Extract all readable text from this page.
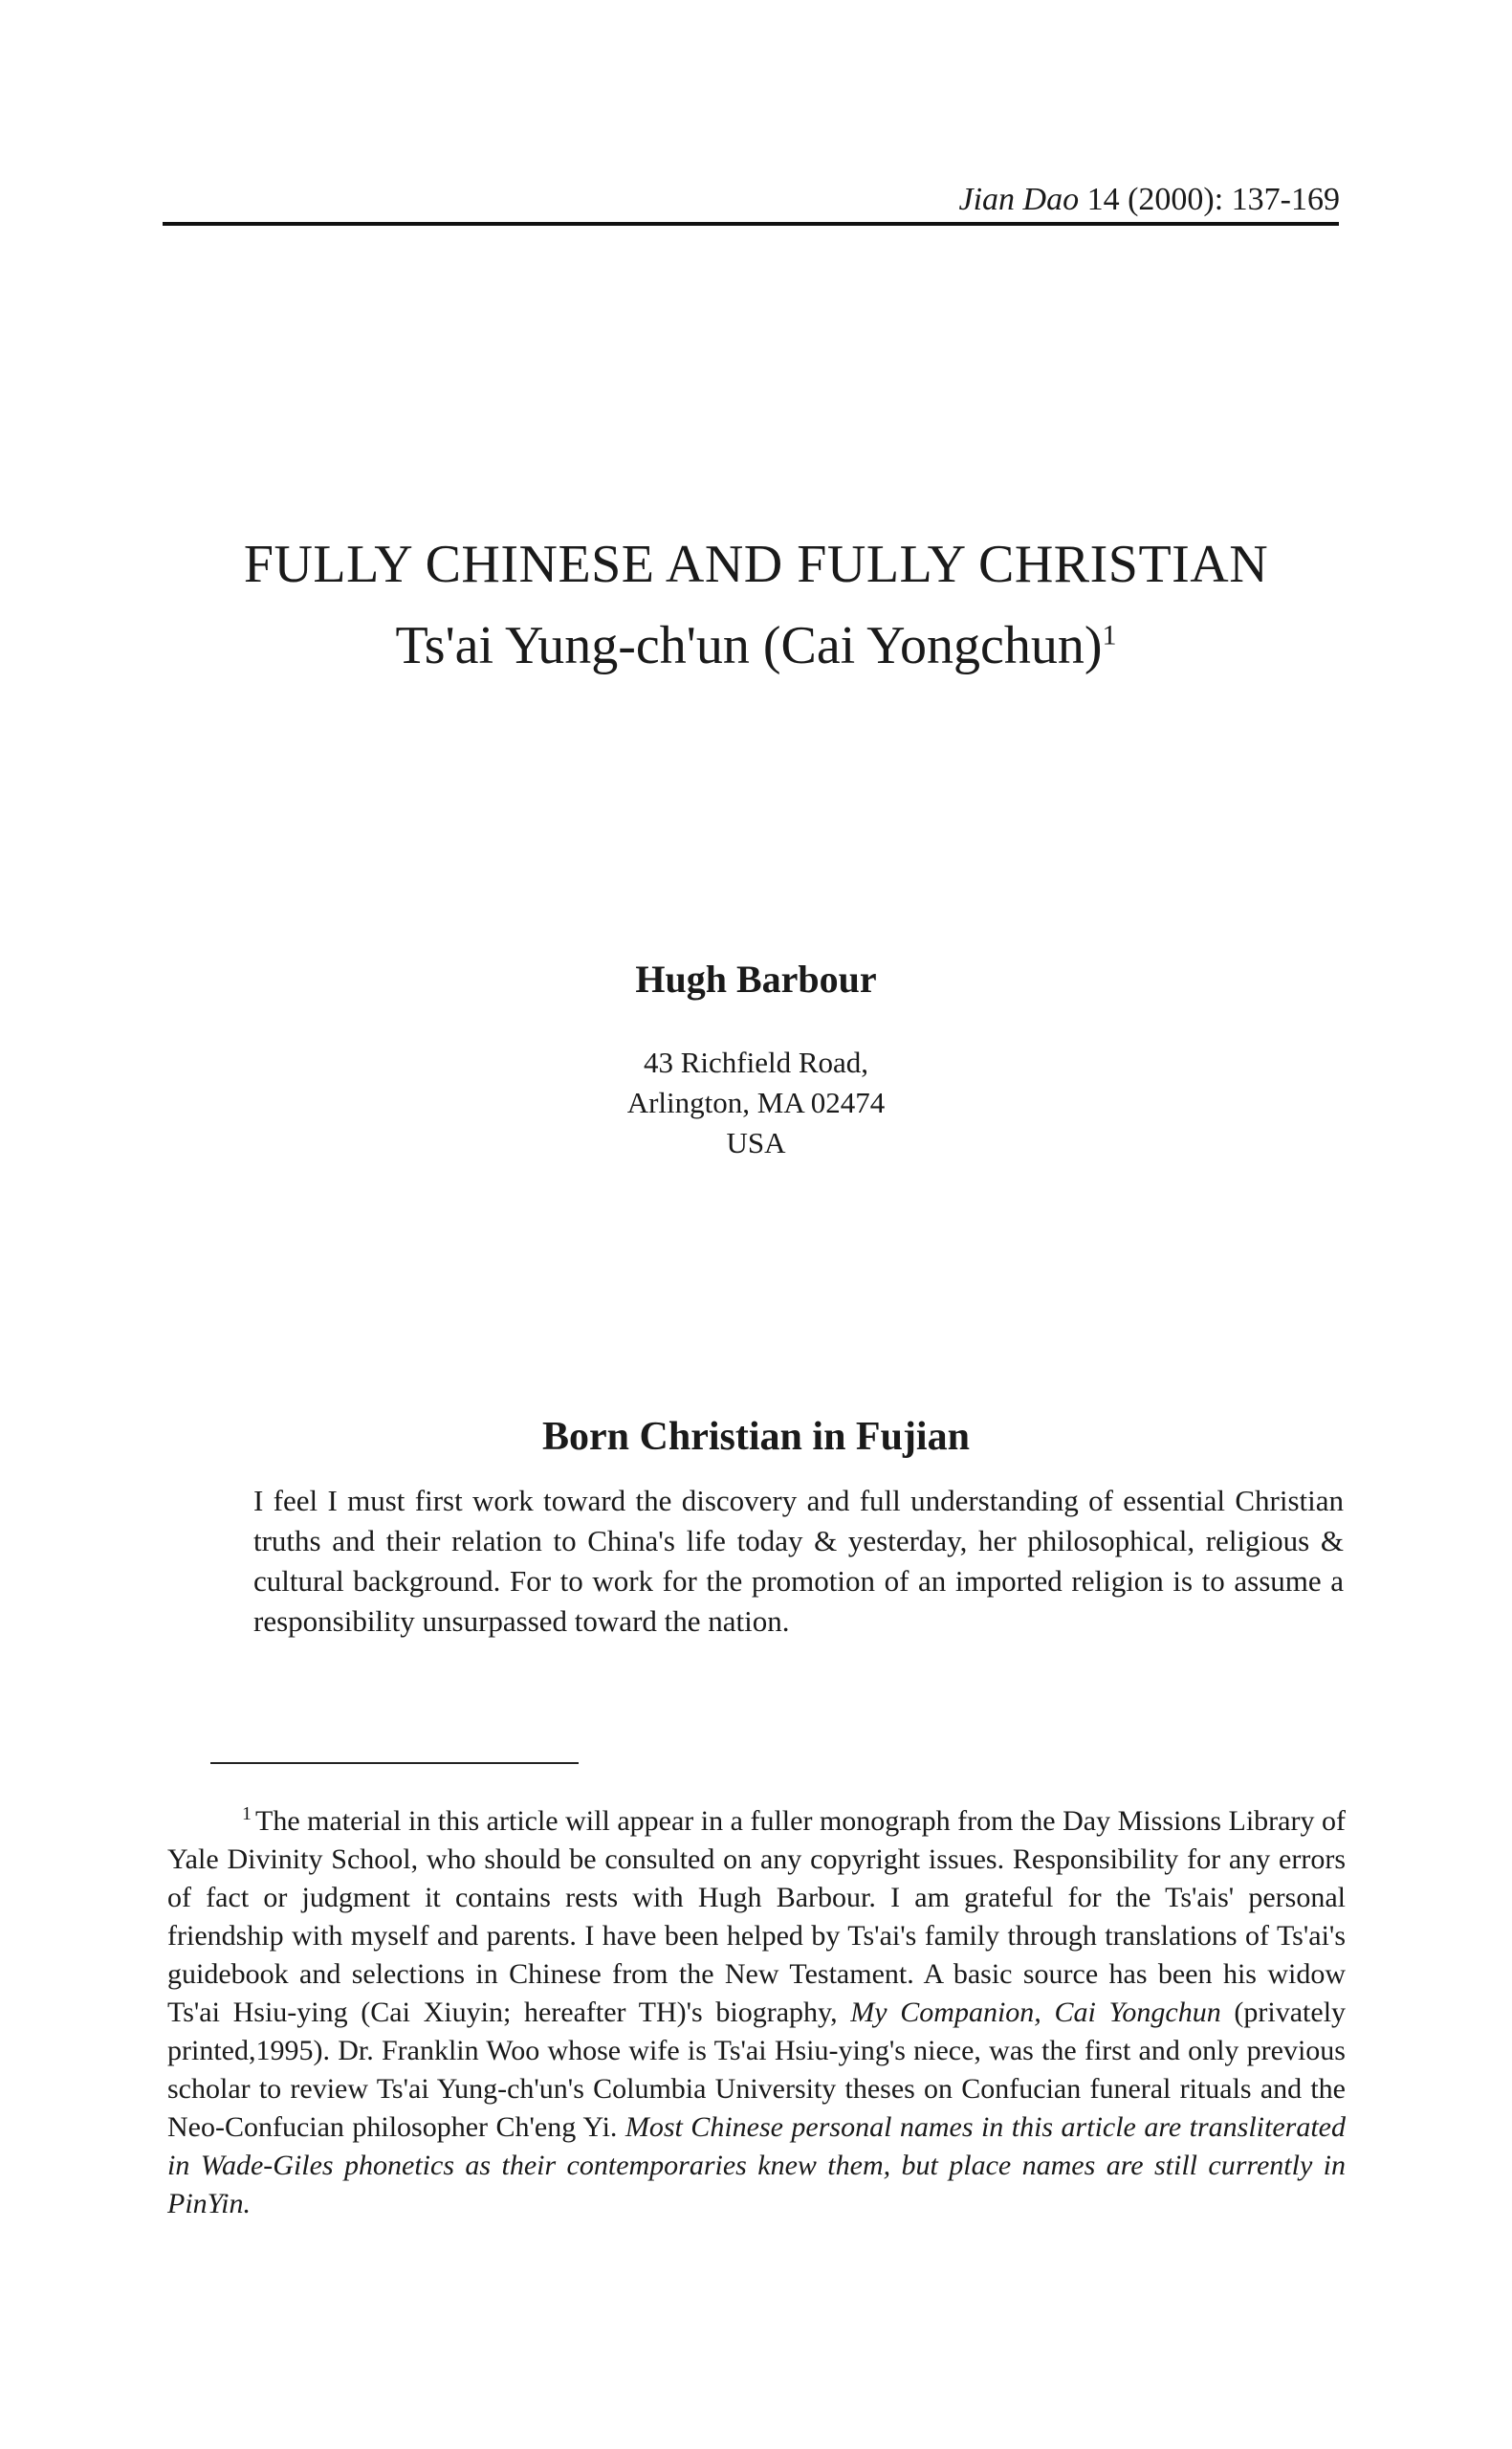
Jian Dao 14 (2000): 137-169
FULLY CHINESE AND FULLY CHRISTIAN
Ts'ai Yung-ch'un (Cai Yongchun)$^1$
Hugh Barbour
43 Richfield Road,
Arlington, MA 02474
USA
Born Christian in Fujian
I feel I must first work toward the discovery and full understanding of essential Christian truths and their relation to China's life today & yesterday, her philosophical, religious & cultural background. For to work for the promotion of an imported religion is to assume a responsibility unsurpassed toward the nation.
$^1$ The material in this article will appear in a fuller monograph from the Day Missions Library of Yale Divinity School, who should be consulted on any copyright issues. Responsibility for any errors of fact or judgment it contains rests with Hugh Barbour. I am grateful for the Ts'ais' personal friendship with myself and parents. I have been helped by Ts'ai's family through translations of Ts'ai's guidebook and selections in Chinese from the New Testament. A basic source has been his widow Ts'ai Hsiu-ying (Cai Xiuyin; hereafter TH)'s biography, My Companion, Cai Yongchun (privately printed,1995). Dr. Franklin Woo whose wife is Ts'ai Hsiu-ying's niece, was the first and only previous scholar to review Ts'ai Yung-ch'un's Columbia University theses on Confucian funeral rituals and the Neo-Confucian philosopher Ch'eng Yi. Most Chinese personal names in this article are transliterated in Wade-Giles phonetics as their contemporaries knew them, but place names are still currently in PinYin.
